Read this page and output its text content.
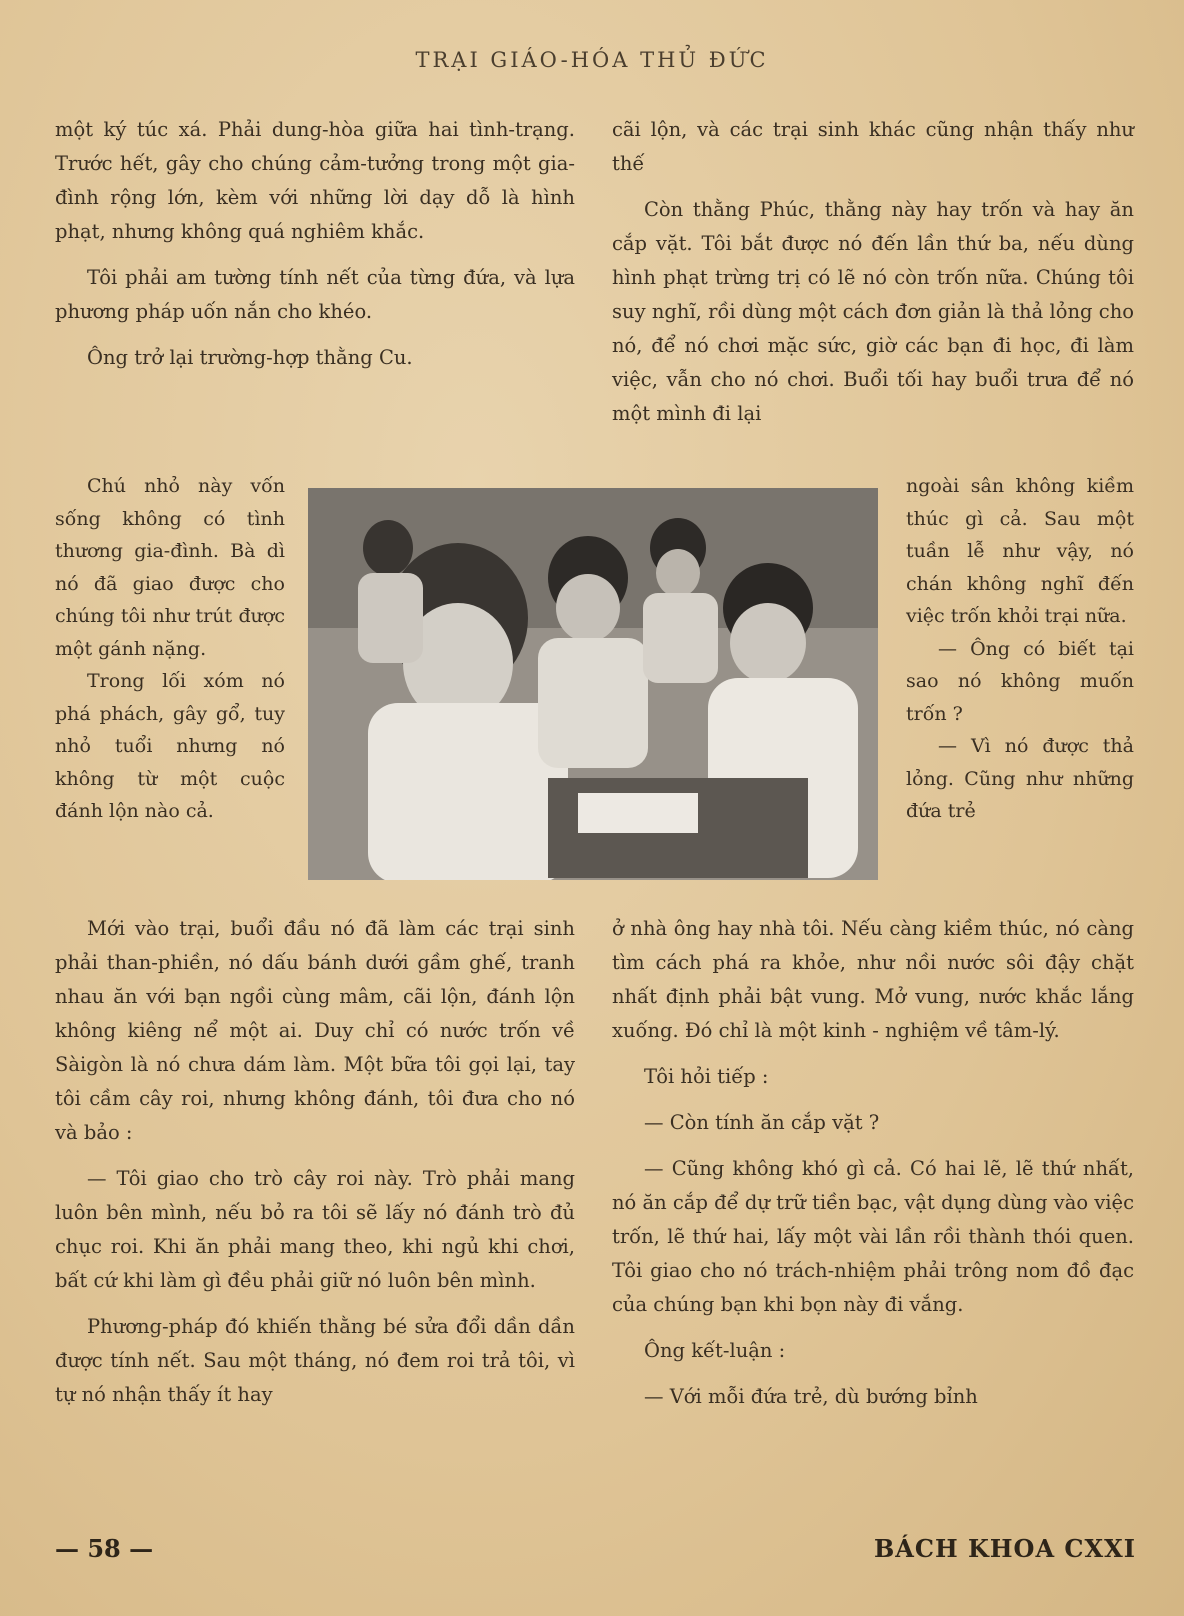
TRẠI GIÁO-HÓA THỦ ĐỨC

một ký túc xá. Phải dung-hòa giữa hai tình-trạng. Trước hết, gây cho chúng cảm-tưởng trong một gia-đình rộng lớn, kèm với những lời dạy dỗ là hình phạt, nhưng không quá nghiêm khắc.

Tôi phải am tường tính nết của từng đứa, và lựa phương pháp uốn nắn cho khéo.

Ông trở lại trường-hợp thằng Cu.

cãi lộn, và các trại sinh khác cũng nhận thấy như thế

Còn thằng Phúc, thằng này hay trốn và hay ăn cắp vặt. Tôi bắt được nó đến lần thứ ba, nếu dùng hình phạt trừng trị có lẽ nó còn trốn nữa. Chúng tôi suy nghĩ, rồi dùng một cách đơn giản là thả lỏng cho nó, để nó chơi mặc sức, giờ các bạn đi học, đi làm việc, vẫn cho nó chơi. Buổi tối hay buổi trưa để nó một mình đi lại

Chú nhỏ này vốn sống không có tình thương gia-đình. Bà dì nó đã giao được cho chúng tôi như trút được một gánh nặng.

Trong lối xóm nó phá phách, gây gổ, tuy nhỏ tuổi nhưng nó không từ một cuộc đánh lộn nào cả.

ngoài sân không kiềm thúc gì cả. Sau một tuần lễ như vậy, nó chán không nghĩ đến việc trốn khỏi trại nữa.

— Ông có biết tại sao nó không muốn trốn ?

— Vì nó được thả lỏng. Cũng như những đứa trẻ

Mới vào trại, buổi đầu nó đã làm các trại sinh phải than-phiền, nó dấu bánh dưới gầm ghế, tranh nhau ăn với bạn ngồi cùng mâm, cãi lộn, đánh lộn không kiêng nể một ai. Duy chỉ có nước trốn về Sàigòn là nó chưa dám làm. Một bữa tôi gọi lại, tay tôi cầm cây roi, nhưng không đánh, tôi đưa cho nó và bảo :

— Tôi giao cho trò cây roi này. Trò phải mang luôn bên mình, nếu bỏ ra tôi sẽ lấy nó đánh trò đủ chục roi. Khi ăn phải mang theo, khi ngủ khi chơi, bất cứ khi làm gì đều phải giữ nó luôn bên mình.

Phương-pháp đó khiến thằng bé sửa đổi dần dần được tính nết. Sau một tháng, nó đem roi trả tôi, vì tự nó nhận thấy ít hay

ở nhà ông hay nhà tôi. Nếu càng kiềm thúc, nó càng tìm cách phá ra khỏe, như nồi nước sôi đậy chặt nhất định phải bật vung. Mở vung, nước khắc lắng xuống. Đó chỉ là một kinh - nghiệm về tâm-lý.

Tôi hỏi tiếp :

— Còn tính ăn cắp vặt ?

— Cũng không khó gì cả. Có hai lẽ, lẽ thứ nhất, nó ăn cắp để dự trữ tiền bạc, vật dụng dùng vào việc trốn, lẽ thứ hai, lấy một vài lần rồi thành thói quen. Tôi giao cho nó trách-nhiệm phải trông nom đồ đạc của chúng bạn khi bọn này đi vắng.

Ông kết-luận :

— Với mỗi đứa trẻ, dù bướng bỉnh

— 58 —	BÁCH KHOA CXXI
